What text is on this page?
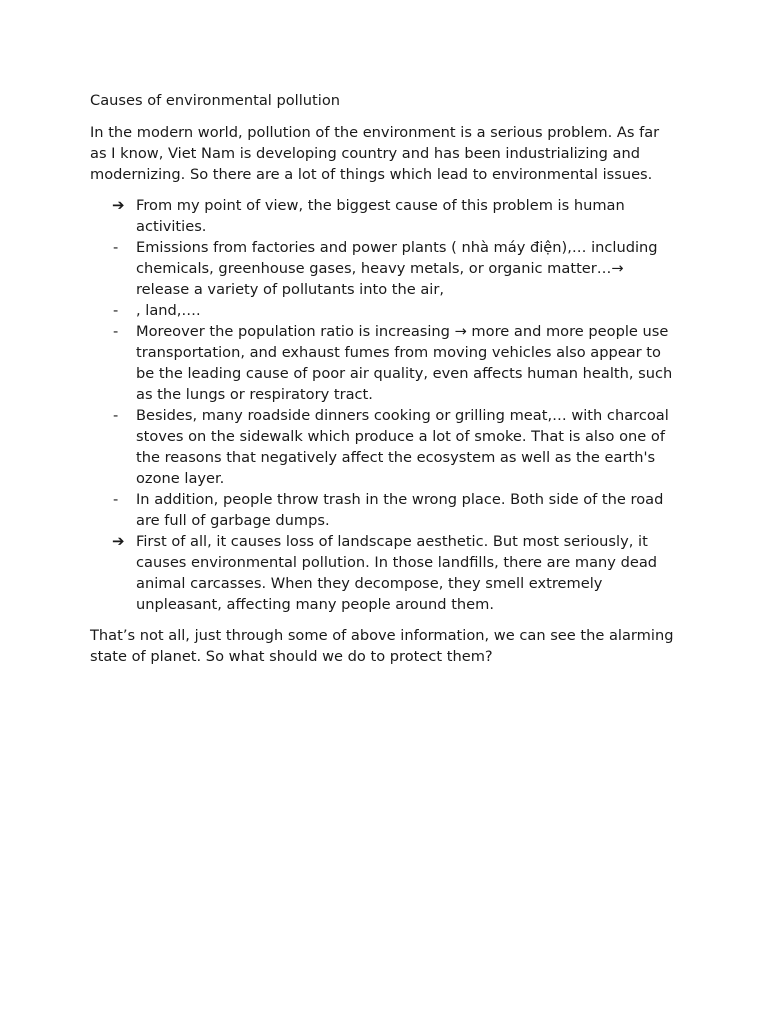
Causes of environmental pollution

In the modern world, pollution of the environment is a serious problem. As far as I know, Viet Nam is developing country and has been industrializing and modernizing. So there are a lot of things which lead to environmental issues.

➔ From my point of view, the biggest cause of this problem is human activities.
-	Emissions from factories and power plants ( nhà máy điện),… including chemicals, greenhouse gases, heavy metals, or organic matter…→ release a variety of pollutants into the air,
-	, land,….
-	Moreover the population ratio is increasing → more and more people use transportation, and exhaust fumes from moving vehicles also appear to be the leading cause of poor air quality, even affects human health, such as the lungs or respiratory tract.
-	Besides, many roadside dinners cooking or grilling meat,… with charcoal stoves on the sidewalk which produce a lot of smoke. That is also one of the reasons that negatively affect the ecosystem as well as the earth's ozone layer.
-	In addition, people throw trash in the wrong place. Both side of the road are full of garbage dumps.
➔ First of all, it causes loss of landscape aesthetic. But most seriously, it causes environmental pollution. In those landfills, there are many dead animal carcasses. When they decompose, they smell extremely unpleasant, affecting many people around them.

That’s not all, just through some of above information, we can see the alarming state of planet. So what should we do to protect them?
